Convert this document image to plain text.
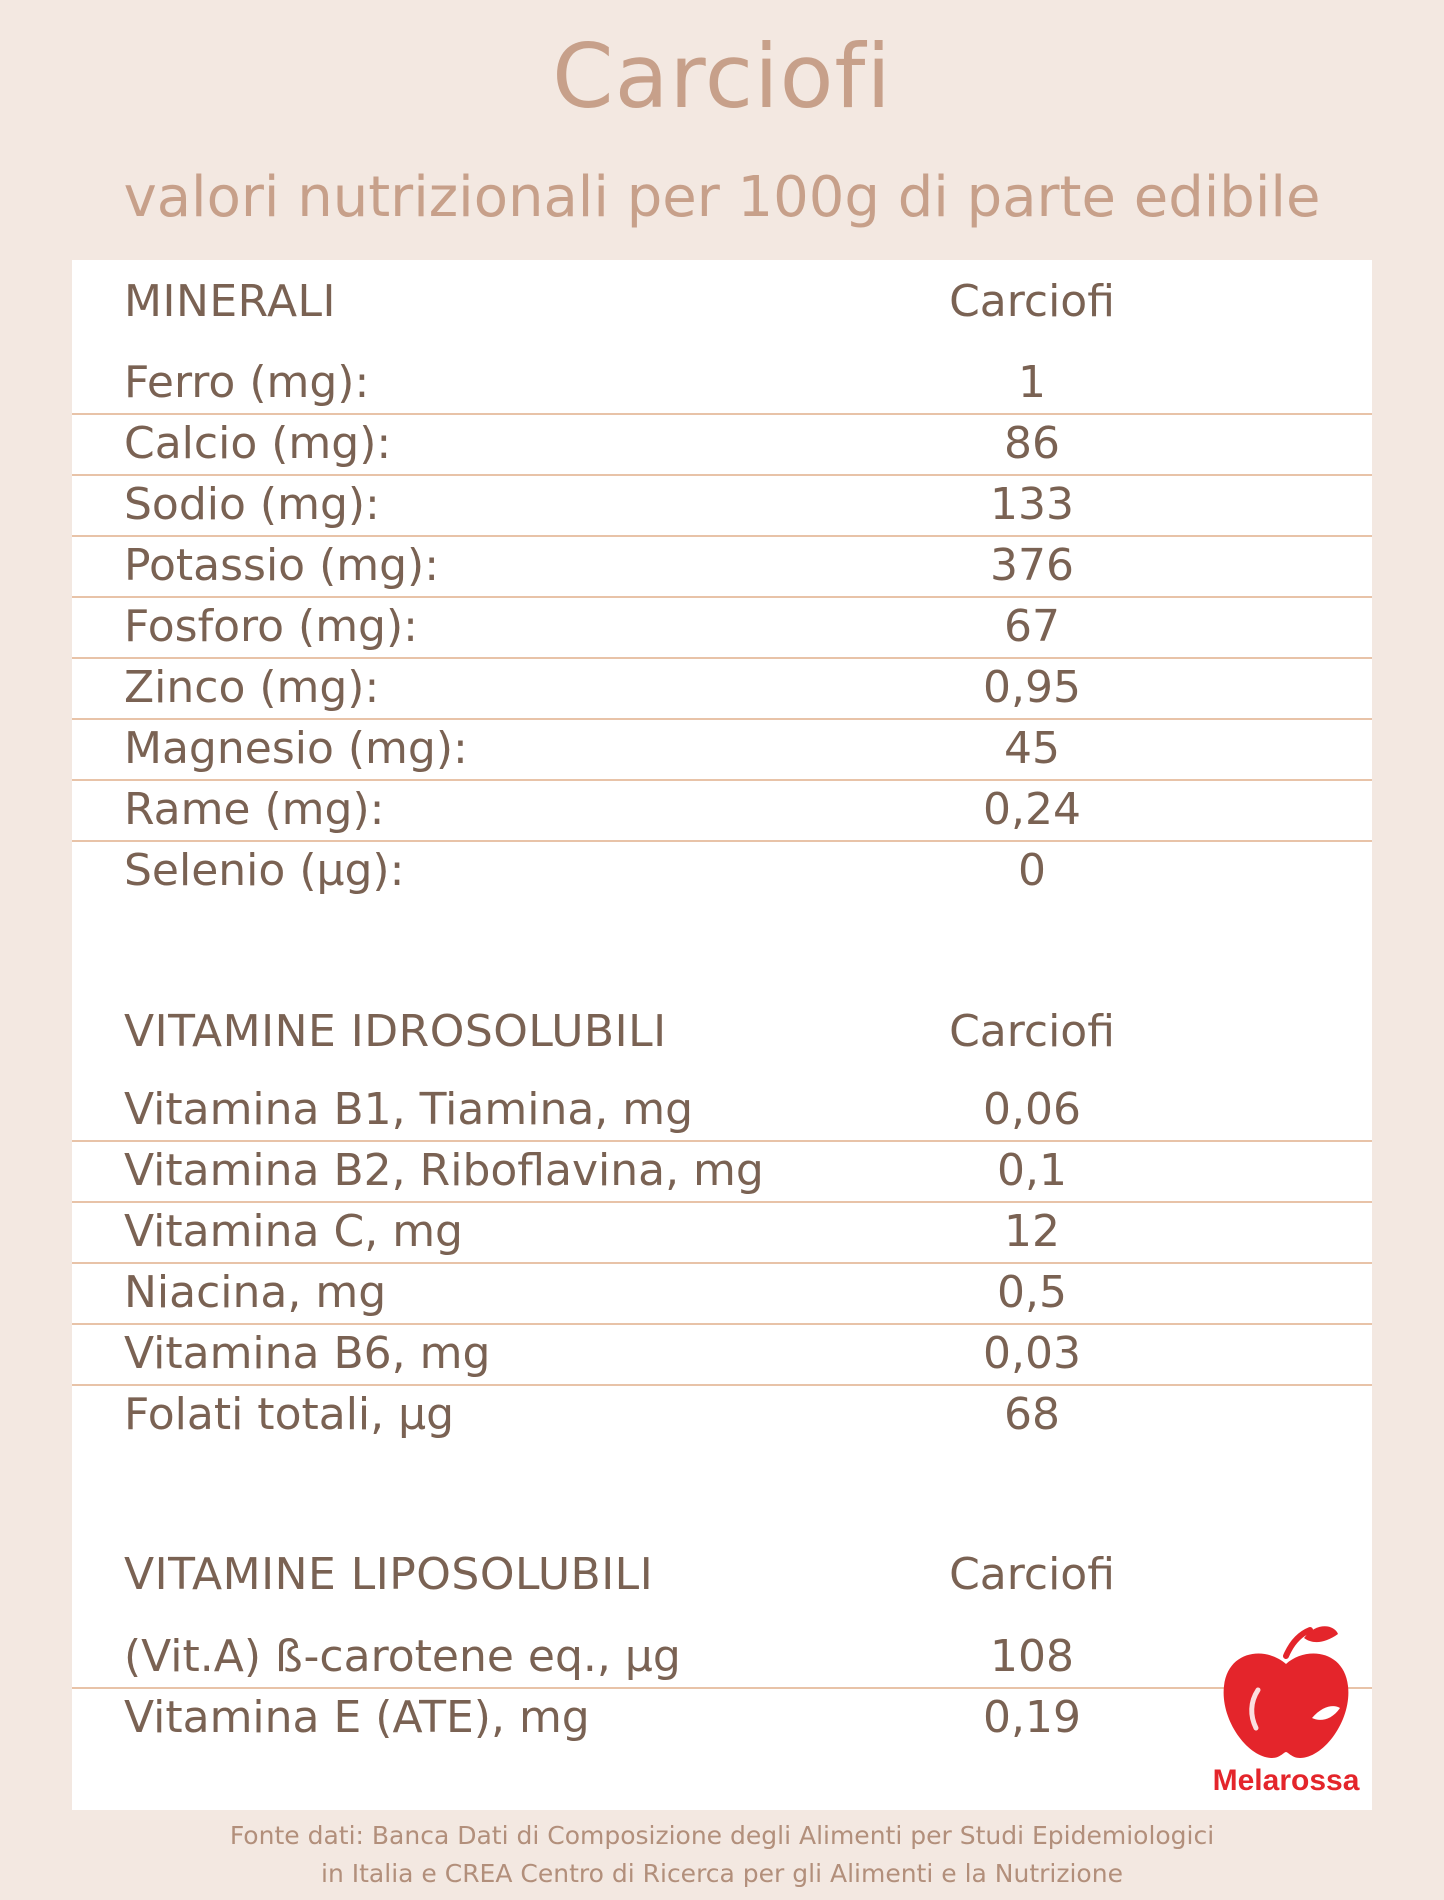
Carciofi
valori nutrizionali per 100g di parte edibile
MINERALI	Carciofi
Ferro (mg):	1
Calcio (mg):	86
Sodio (mg):	133
Potassio (mg):	376
Fosforo (mg):	67
Zinco (mg):	0,95
Magnesio (mg):	45
Rame (mg):	0,24
Selenio (µg):	0
VITAMINE IDROSOLUBILI	Carciofi
Vitamina B1, Tiamina, mg	0,06
Vitamina B2, Riboflavina, mg	0,1
Vitamina C, mg	12
Niacina, mg	0,5
Vitamina B6, mg	0,03
Folati totali, µg	68
VITAMINE LIPOSOLUBILI	Carciofi
(Vit.A) ß-carotene eq., µg	108
Vitamina E (ATE), mg	0,19
Melarossa
Fonte dati: Banca Dati di Composizione degli Alimenti per Studi Epidemiologici
in Italia e CREA Centro di Ricerca per gli Alimenti e la Nutrizione
